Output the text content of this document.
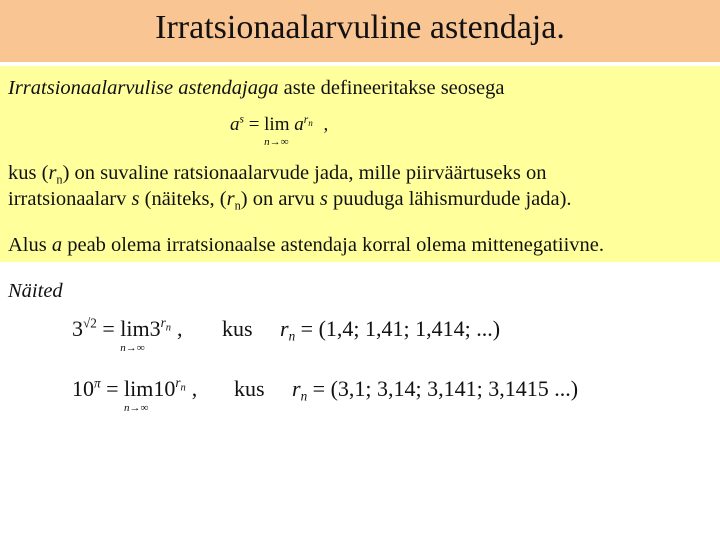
Irratsionaalarvuline astendaja.
Irratsionaalarvulise astendajaga aste defineeritakse seosega
$a^s = \lim$
n→∞
$a^{r_n}$ ,
kus $(r_n)$ on suvaline ratsionaalarvude jada, mille piirväärtuseks on
irratsionaalarv s (näiteks, $(r_n)$ on arvu s puuduga lähismurdude jada).
Alus a peab olema irratsionaalse astendaja korral olema mittenegatiivne.
Näited
$3^{√2} = \lim$
n→∞
$3^{r_n}$ , kus $r_n = (1,4$; 1,41; 1,414; ...)
$10^\pi = \lim$
n→∞
$10^{r_n}$ , kus $r_n = (3,1$; 3,14; 3,141; 3,1415 ...)
